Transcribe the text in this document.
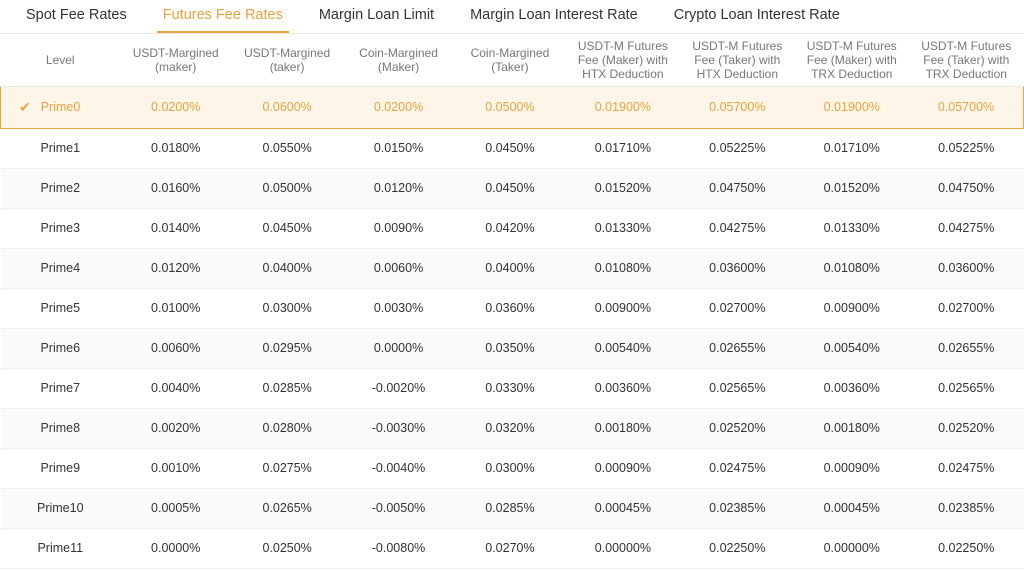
Spot Fee Rates	Futures Fee Rates	Margin Loan Limit	Margin Loan Interest Rate	Crypto Loan Interest Rate
Level	USDT-Margined (maker)	USDT-Margined (taker)	Coin-Margined (Maker)	Coin-Margined (Taker)	USDT-M Futures Fee (Maker) with HTX Deduction	USDT-M Futures Fee (Taker) with HTX Deduction	USDT-M Futures Fee (Maker) with TRX Deduction	USDT-M Futures Fee (Taker) with TRX Deduction

✔ Prime0	0.0200%	0.0600%	0.0200%	0.0500%	0.01900%	0.05700%	0.01900%	0.05700%
Prime1	0.0180%	0.0550%	0.0150%	0.0450%	0.01710%	0.05225%	0.01710%	0.05225%
Prime2	0.0160%	0.0500%	0.0120%	0.0450%	0.01520%	0.04750%	0.01520%	0.04750%
Prime3	0.0140%	0.0450%	0.0090%	0.0420%	0.01330%	0.04275%	0.01330%	0.04275%
Prime4	0.0120%	0.0400%	0.0060%	0.0400%	0.01080%	0.03600%	0.01080%	0.03600%
Prime5	0.0100%	0.0300%	0.0030%	0.0360%	0.00900%	0.02700%	0.00900%	0.02700%
Prime6	0.0060%	0.0295%	0.0000%	0.0350%	0.00540%	0.02655%	0.00540%	0.02655%
Prime7	0.0040%	0.0285%	-0.0020%	0.0330%	0.00360%	0.02565%	0.00360%	0.02565%
Prime8	0.0020%	0.0280%	-0.0030%	0.0320%	0.00180%	0.02520%	0.00180%	0.02520%
Prime9	0.0010%	0.0275%	-0.0040%	0.0300%	0.00090%	0.02475%	0.00090%	0.02475%
Prime10	0.0005%	0.0265%	-0.0050%	0.0285%	0.00045%	0.02385%	0.00045%	0.02385%
Prime11	0.0000%	0.0250%	-0.0080%	0.0270%	0.00000%	0.02250%	0.00000%	0.02250%
